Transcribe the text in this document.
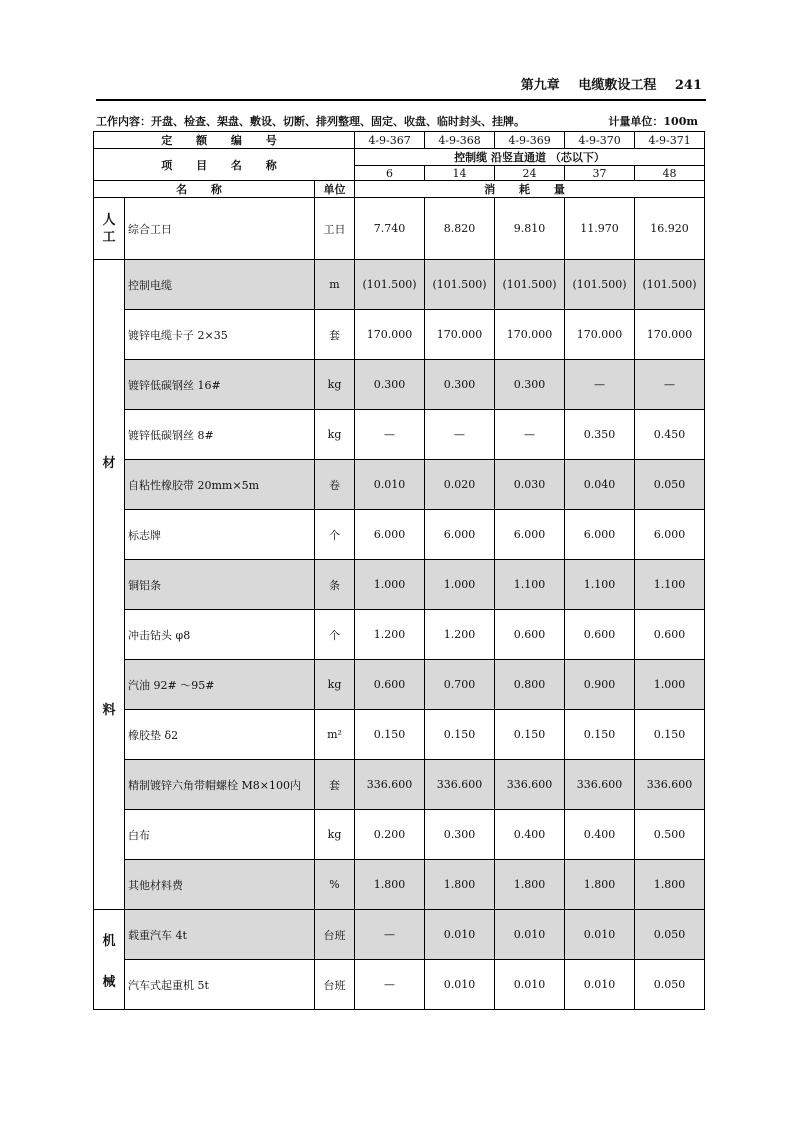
第九章 电缆敷设工程 241
工作内容：开盘、检查、架盘、敷设、切断、排列整理、固定、收盘、临时封头、挂牌。	计量单位：100m
定 额 编 号			4-9-367	4-9-368	4-9-369	4-9-370	4-9-371
项 目 名 称			控制缆 沿竖直通道 （芯以下）				
			6	14	24	37	48
名 称		单位	消 耗 量				
人工	综合工日	工日	7.740	8.820	9.810	11.970	16.920

材
料	控制电缆	m	(101.500)	(101.500)	(101.500)	(101.500)	(101.500)
	镀锌电缆卡子 2×35	套	170.000	170.000	170.000	170.000	170.000
	镀锌低碳钢丝 16#	kg	0.300	0.300	0.300	—	—
	镀锌低碳钢丝 8#	kg	—	—	—	0.350	0.450
	自粘性橡胶带 20mm×5m	卷	0.010	0.020	0.030	0.040	0.050
	标志牌	个	6.000	6.000	6.000	6.000	6.000
	铜铝条	条	1.000	1.000	1.100	1.100	1.100
	冲击钻头 φ8	个	1.200	1.200	0.600	0.600	0.600
	汽油 92# ～95#	kg	0.600	0.700	0.800	0.900	1.000
	橡胶垫 δ2	m²	0.150	0.150	0.150	0.150	0.150
	精制镀锌六角带帽螺栓 M8×100内	套	336.600	336.600	336.600	336.600	336.600
	白布	kg	0.200	0.300	0.400	0.400	0.500
	其他材料费	%	1.800	1.800	1.800	1.800	1.800

机
械	载重汽车 4t	台班	—	0.010	0.010	0.010	0.050
	汽车式起重机 5t	台班	—	0.010	0.010	0.010	0.050
